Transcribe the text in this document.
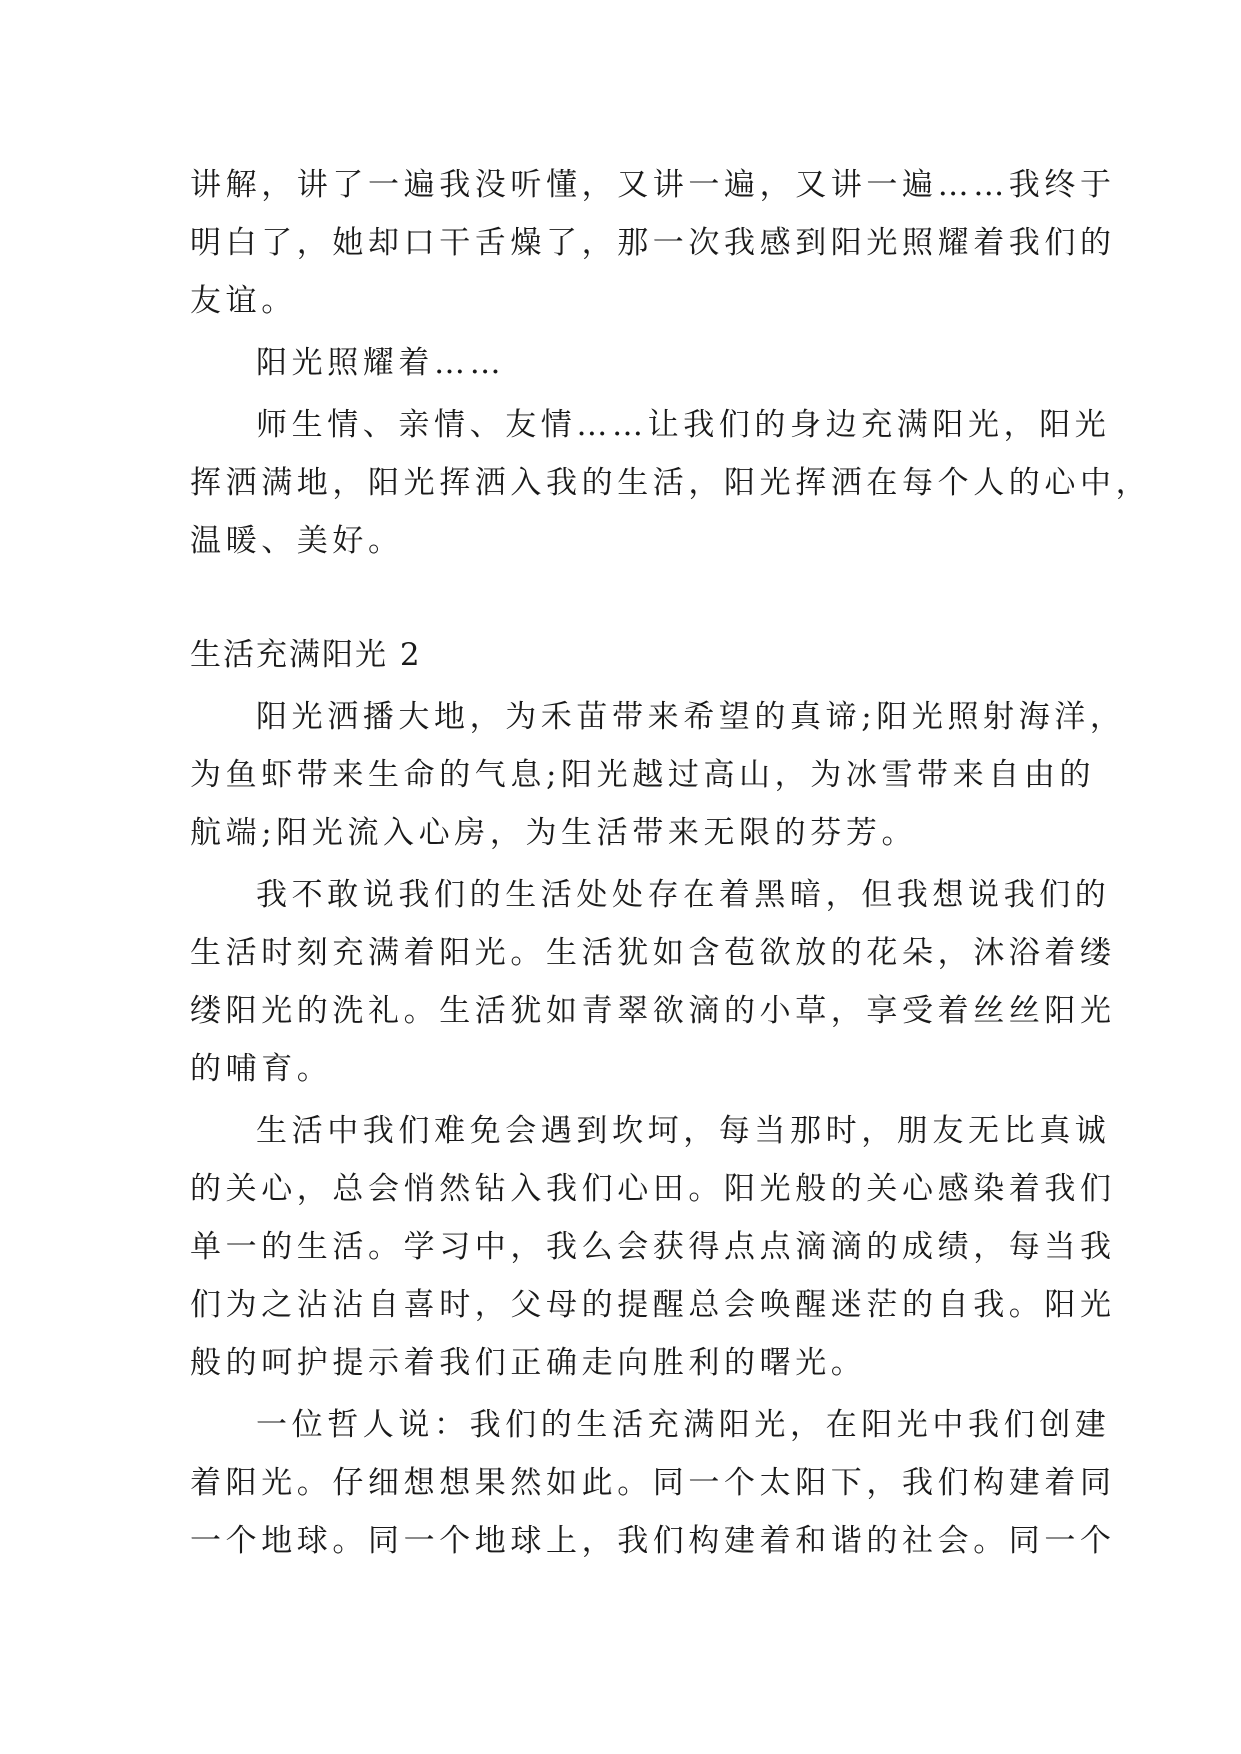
讲解，讲了一遍我没听懂，又讲一遍，又讲一遍……我终于

明白了，她却口干舌燥了，那一次我感到阳光照耀着我们的

友谊。

阳光照耀着……

师生情、亲情、友情……让我们的身边充满阳光，阳光

挥洒满地，阳光挥洒入我的生活，阳光挥洒在每个人的心中，

温暖、美好。

生活充满阳光 2

阳光洒播大地，为禾苗带来希望的真谛;阳光照射海洋，

为鱼虾带来生命的气息;阳光越过高山，为冰雪带来自由的

航端;阳光流入心房，为生活带来无限的芬芳。

我不敢说我们的生活处处存在着黑暗，但我想说我们的

生活时刻充满着阳光。生活犹如含苞欲放的花朵，沐浴着缕

缕阳光的洗礼。生活犹如青翠欲滴的小草，享受着丝丝阳光

的哺育。

生活中我们难免会遇到坎坷，每当那时，朋友无比真诚

的关心，总会悄然钻入我们心田。阳光般的关心感染着我们

单一的生活。学习中，我么会获得点点滴滴的成绩，每当我

们为之沾沾自喜时，父母的提醒总会唤醒迷茫的自我。阳光

般的呵护提示着我们正确走向胜利的曙光。

一位哲人说：我们的生活充满阳光，在阳光中我们创建

着阳光。仔细想想果然如此。同一个太阳下，我们构建着同

一个地球。同一个地球上，我们构建着和谐的社会。同一个
